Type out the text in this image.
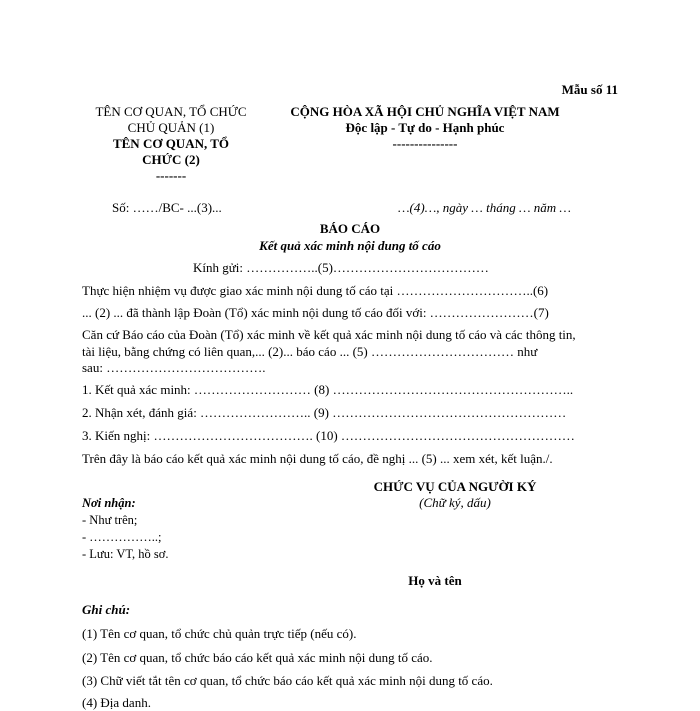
Mẫu số 11
TÊN CƠ QUAN, TỔ CHỨC
CHỦ QUẢN (1)
TÊN CƠ QUAN, TỔ
CHỨC (2)
-------
CỘNG HÒA XÃ HỘI CHỦ NGHĨA VIỆT NAM
Độc lập - Tự do - Hạnh phúc
---------------
Số: ……/BC- ...(3)...	…(4)…, ngày … tháng … năm …
BÁO CÁO
Kết quả xác minh nội dung tố cáo
Kính gửi: ……………..(5)………………………………
Thực hiện nhiệm vụ được giao xác minh nội dung tố cáo tại …………………………..(6)
... (2) ... đã thành lập Đoàn (Tổ) xác minh nội dung tố cáo đối với: ……………………(7)
Căn cứ Báo cáo của Đoàn (Tổ) xác minh về kết quả xác minh nội dung tố cáo và các thông tin,
tài liệu, bằng chứng có liên quan,... (2)... báo cáo ... (5) …………………………… như
sau: ……………………………….
1. Kết quả xác minh: ……………………… (8) ………………………………………………..
2. Nhận xét, đánh giá: …………………….. (9) ………………………………………………
3. Kiến nghị: ………………………………. (10) ………………………………………………
Trên đây là báo cáo kết quả xác minh nội dung tố cáo, đề nghị ... (5) ... xem xét, kết luận./.
CHỨC VỤ CỦA NGƯỜI KÝ
(Chữ ký, dấu)
Nơi nhận:
- Như trên;
- ……………..;
- Lưu: VT, hồ sơ.
Họ và tên
Ghi chú:
(1) Tên cơ quan, tổ chức chủ quản trực tiếp (nếu có).
(2) Tên cơ quan, tổ chức báo cáo kết quả xác minh nội dung tố cáo.
(3) Chữ viết tắt tên cơ quan, tổ chức báo cáo kết quả xác minh nội dung tố cáo.
(4) Địa danh.
